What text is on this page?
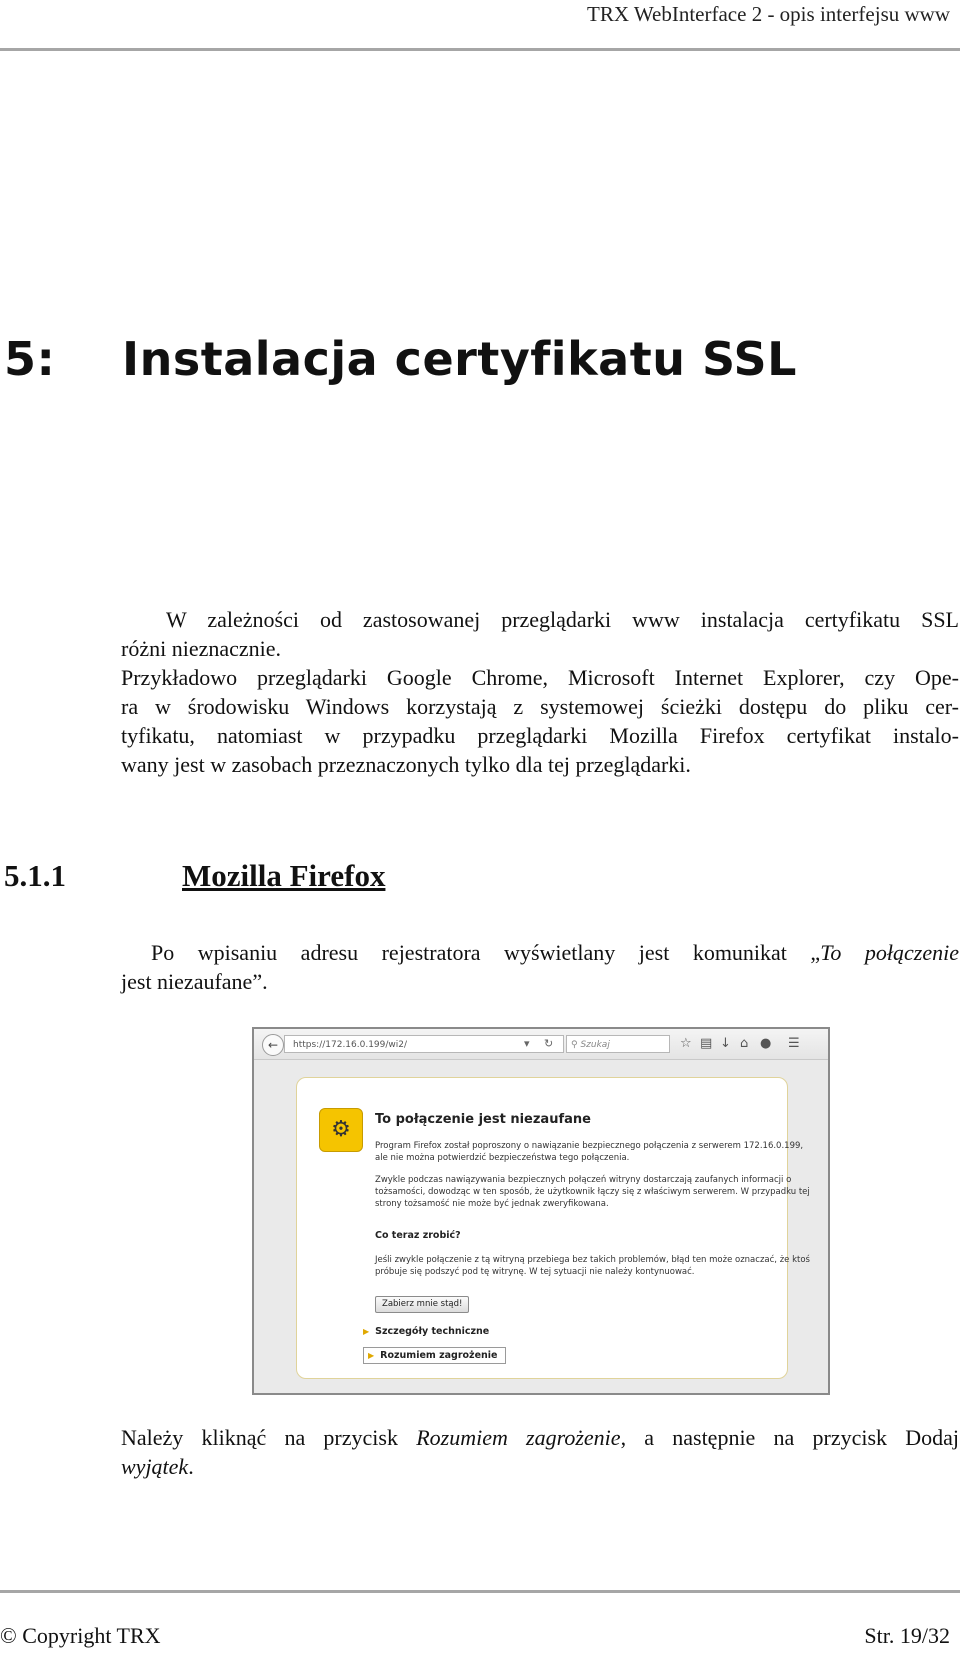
TRX WebInterface 2 - opis interfejsu www
5: Instalacja certyfikatu SSL

W zależności od zastosowanej przeglądarki www instalacja certyfikatu SSL
różni nieznacznie.

Przykładowo przeglądarki Google Chrome, Microsoft Internet Explorer, czy Ope-
ra w środowisku Windows korzystają z systemowej ścieżki dostępu do pliku cer-
tyfikatu, natomiast w przypadku przeglądarki Mozilla Firefox certyfikat instalo-
wany jest w zasobach przeznaczonych tylko dla tej przeglądarki.

5.1.1	Mozilla Firefox

Po wpisaniu adresu rejestratora wyświetlany jest komunikat „To połączenie
jest niezaufane”.

←	https://172.16.0.199/wi2/	▾ ↻	⚲ Szukaj	☆ ▤ ↓ ⌂ ● ☰
⚙ To połączenie jest niezaufane
Program Firefox został poproszony o nawiązanie bezpiecznego połączenia z serwerem 172.16.0.199,
ale nie można potwierdzić bezpieczeństwa tego połączenia.
Zwykle podczas nawiązywania bezpiecznych połączeń witryny dostarczają zaufanych informacji o
tożsamości, dowodząc w ten sposób, że użytkownik łączy się z właściwym serwerem. W przypadku tej
strony tożsamość nie może być jednak zweryfikowana.
Co teraz zrobić?
Jeśli zwykle połączenie z tą witryną przebiega bez takich problemów, błąd ten może oznaczać, że ktoś
próbuje się podszyć pod tę witrynę. W tej sytuacji nie należy kontynuować.
Zabierz mnie stąd!
▶ Szczegóły techniczne
▶ Rozumiem zagrożenie

Należy kliknąć na przycisk Rozumiem zagrożenie, a następnie na przycisk Dodaj
wyjątek.

© Copyright TRX	Str. 19/32
